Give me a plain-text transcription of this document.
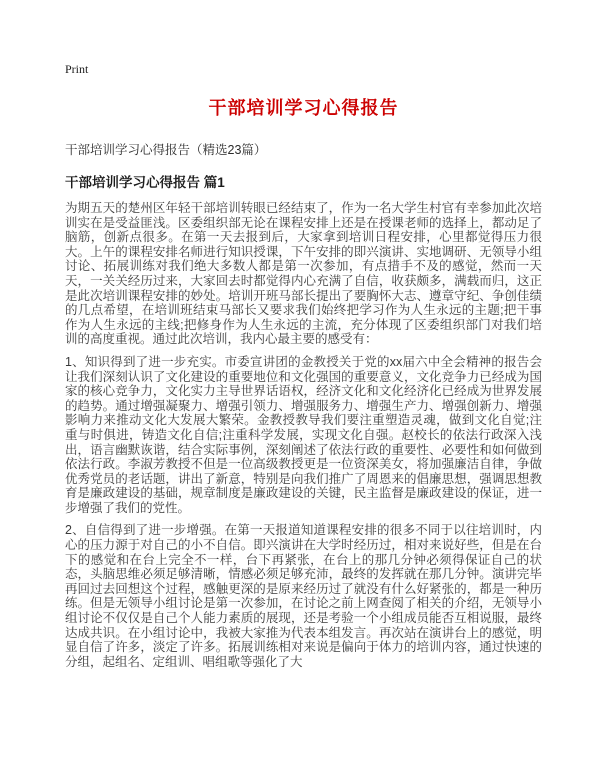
Print
干部培训学习心得报告
干部培训学习心得报告（精选23篇）
干部培训学习心得报告 篇1

为期五天的楚州区年轻干部培训转眼已经结束了，作为一名大学生村官有幸参加此次培训实在是受益匪浅。区委组织部无论在课程安排上还是在授课老师的选择上，都动足了脑筋，创新点很多。在第一天去报到后，大家拿到培训日程安排，心里都觉得压力很大。上午的课程安排名师进行知识授课，下午安排的即兴演讲、实地调研、无领导小组讨论、拓展训练对我们绝大多数人都是第一次参加，有点措手不及的感觉，然而一天天，一关关经历过来，大家回去时都觉得内心充满了自信，收获颇多，满载而归，这正是此次培训课程安排的妙处。培训开班马部长提出了要胸怀大志、遵章守纪、争创佳绩的几点希望，在培训班结束马部长又要求我们始终把学习作为人生永远的主题;把干事作为人生永远的主线;把修身作为人生永远的主流，充分体现了区委组织部门对我们培训的高度重视。通过此次培训，我内心最主要的感受有：

1、知识得到了进一步充实。市委宣讲团的金教授关于党的xx届六中全会精神的报告会让我们深刻认识了文化建设的重要地位和文化强国的重要意义，文化竞争力已经成为国家的核心竞争力，文化实力主导世界话语权，经济文化和文化经济化已经成为世界发展的趋势。通过增强凝聚力、增强引领力、增强服务力、增强生产力、增强创新力、增强影响力来推动文化大发展大繁荣。金教授教导我们要注重塑造灵魂，做到文化自觉;注重与时俱进，铸造文化自信;注重科学发展，实现文化自强。赵校长的依法行政深入浅出，语言幽默诙谐，结合实际事例，深刻阐述了依法行政的重要性、必要性和如何做到依法行政。李淑芳教授不但是一位高级教授更是一位资深美女，将加强廉洁自律，争做优秀党员的老话题，讲出了新意，特别是向我们推广了周恩来的倡廉思想，强调思想教育是廉政建设的基础，规章制度是廉政建设的关键，民主监督是廉政建设的保证，进一步增强了我们的党性。

2、自信得到了进一步增强。在第一天报道知道课程安排的很多不同于以往培训时，内心的压力源于对自己的小不自信。即兴演讲在大学时经历过，相对来说好些，但是在台下的感觉和在台上完全不一样，台下再紧张，在台上的那几分钟必须得保证自己的状态，头脑思维必须足够清晰，情感必须足够充沛，最终的发挥就在那几分钟。演讲完毕再回过去回想这个过程，感触更深的是原来经历过了就没有什么好紧张的，都是一种历练。但是无领导小组讨论是第一次参加，在讨论之前上网查阅了相关的介绍，无领导小组讨论不仅仅是自己个人能力素质的展现，还是考验一个小组成员能否互相说服，最终达成共识。在小组讨论中，我被大家推为代表本组发言。再次站在演讲台上的感觉，明显自信了许多，淡定了许多。拓展训练相对来说是偏向于体力的培训内容，通过快速的分组，起组名、定组训、唱组歌等强化了大
